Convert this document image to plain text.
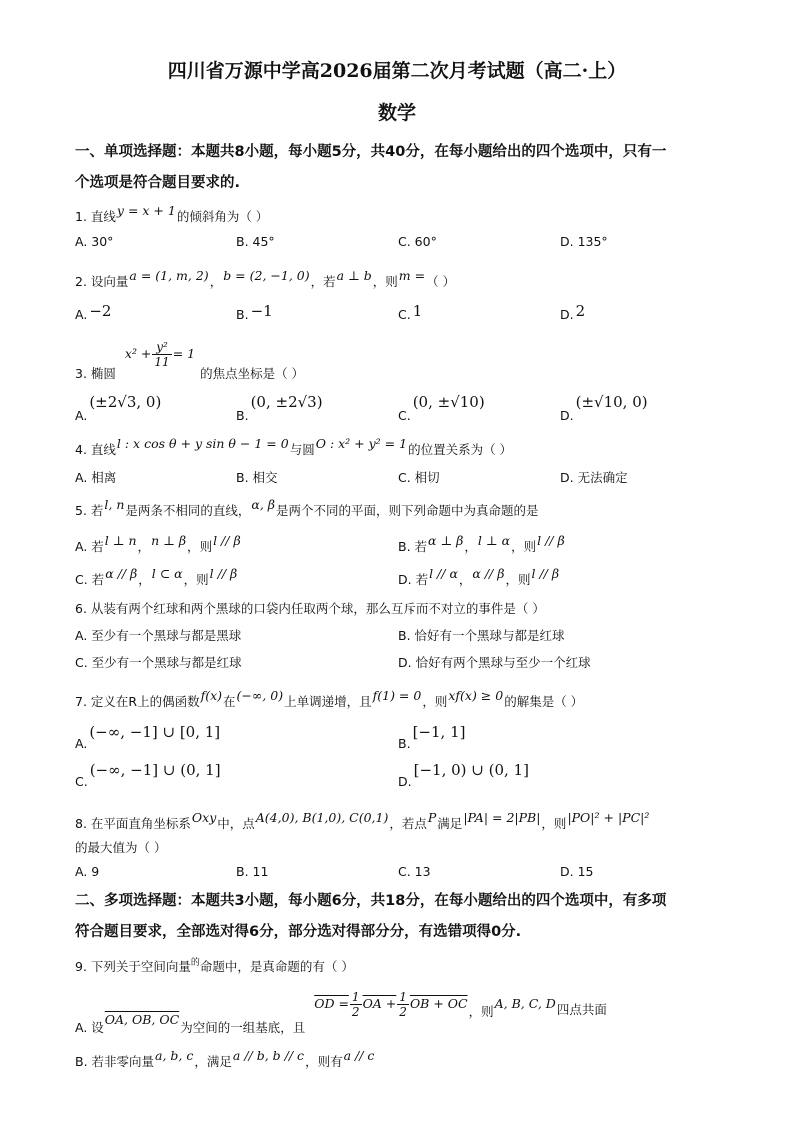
四川省万源中学高2026届第二次月考试题（高二·上）
数学
一、单项选择题：本题共8小题，每小题5分，共40分，在每小题给出的四个选项中，只有一
个选项是符合题目要求的.
1. 直线y = x + 1的倾斜角为（ ）
A. 30°	B. 45°	C. 60°	D. 135°
2. 设向量a = (1, m, 2)，b = (2, −1, 0)，若a ⊥ b，则m =（ ）
A. −2	B. −1	C. 1	D. 2
3. 椭圆 $x^2 + \frac{\text{y²}}{11} = 1$ 的焦点坐标是（ ）
A.(±2√3, 0)
B.(0, ±2√3)
C.(0, ±√10)
D.(±√10, 0)
4. 直线l : x cos θ + y sin θ − 1 = 0与圆O : x² + y² = 1的位置关系为（ ）
A. 相离	B. 相交	C. 相切	D. 无法确定
5. 若l, n是两条不相同的直线，α, β是两个不同的平面，则下列命题中为真命题的是
A. 若l ⊥ n，n ⊥ β，则l // β	B. 若α ⊥ β，l ⊥ α，则l // β
C. 若α // β，l ⊂ α，则l // β	D. 若l // α，α // β，则l // β
6. 从装有两个红球和两个黑球的口袋内任取两个球，那么互斥而不对立的事件是（ ）
A. 至少有一个黑球与都是黑球	B. 恰好有一个黑球与都是红球
C. 至少有一个黑球与都是红球	D. 恰好有两个黑球与至少一个红球
7. 定义在R上的偶函数f(x)在(−∞, 0)上单调递增，且f(1) = 0，则xf(x) ≥ 0的解集是（ ）
A.(−∞, −1] ∪ [0, 1]
B.[−1, 1]
C.(−∞, −1] ∪ (0, 1]
D.[−1, 0) ∪ (0, 1]
8. 在平面直角坐标系Oxy中，点A(4,0), B(1,0), C(0,1)，若点P满足|PA| = 2|PB|，则|PO|² + |PC|²
的最大值为（ ）
A. 9	B. 11	C. 13	D. 15
二、多项选择题：本题共3小题，每小题6分，共18分，在每小题给出的四个选项中，有多项
符合题目要求，全部选对得6分，部分选对得部分分，有选错项得0分.
9. 下列关于空间向量$^的$命题中，是真命题的有（ ）
A. 设OA, OB, OC为空间的一组基底，且 OD = $\frac{1}{2}$ OA + $\frac{1}{2}$ OB + OC，则A, B, C, D四点共面
B. 若非零向量a, b, c，满足a // b, b // c，则有a // c
